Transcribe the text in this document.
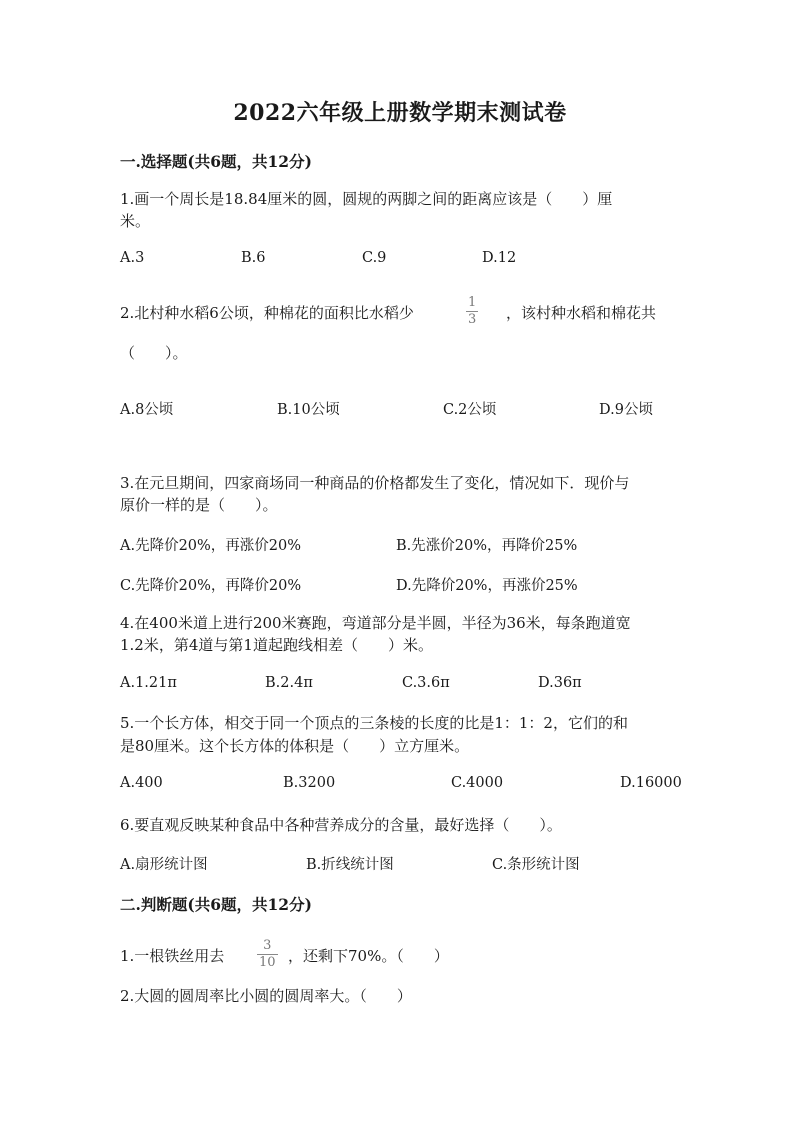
2022六年级上册数学期末测试卷
一.选择题(共6题，共12分)
1.画一个周长是18.84厘米的圆，圆规的两脚之间的距离应该是（　　）厘
米。
A.3	B.6	C.9	D.12
2.北村种水稻6公顷，种棉花的面积比水稻少
1
3 ，该村种水稻和棉花共
（　　）。
A.8公顷	B.10公顷	C.2公顷	D.9公顷
3.在元旦期间，四家商场同一种商品的价格都发生了变化，情况如下．现价与
原价一样的是（　　）。
A.先降价20%，再涨价20%	B.先涨价20%，再降价25%
C.先降价20%，再降价20%	D.先降价20%，再涨价25%
4.在400米道上进行200米赛跑，弯道部分是半圆，半径为36米，每条跑道宽
1.2米，第4道与第1道起跑线相差（　　）米。
A.1.21π	B.2.4π	C.3.6π	D.36π
5.一个长方体，相交于同一个顶点的三条棱的长度的比是1：1：2，它们的和
是80厘米。这个长方体的体积是（　　）立方厘米。
A.400	B.3200	C.4000	D.16000
6.要直观反映某种食品中各种营养成分的含量，最好选择（　　）。
A.扇形统计图	B.折线统计图	C.条形统计图
二.判断题(共6题，共12分)
1.一根铁丝用去
3
10 ，还剩下70%。（　　）
2.大圆的圆周率比小圆的圆周率大。（　　）
